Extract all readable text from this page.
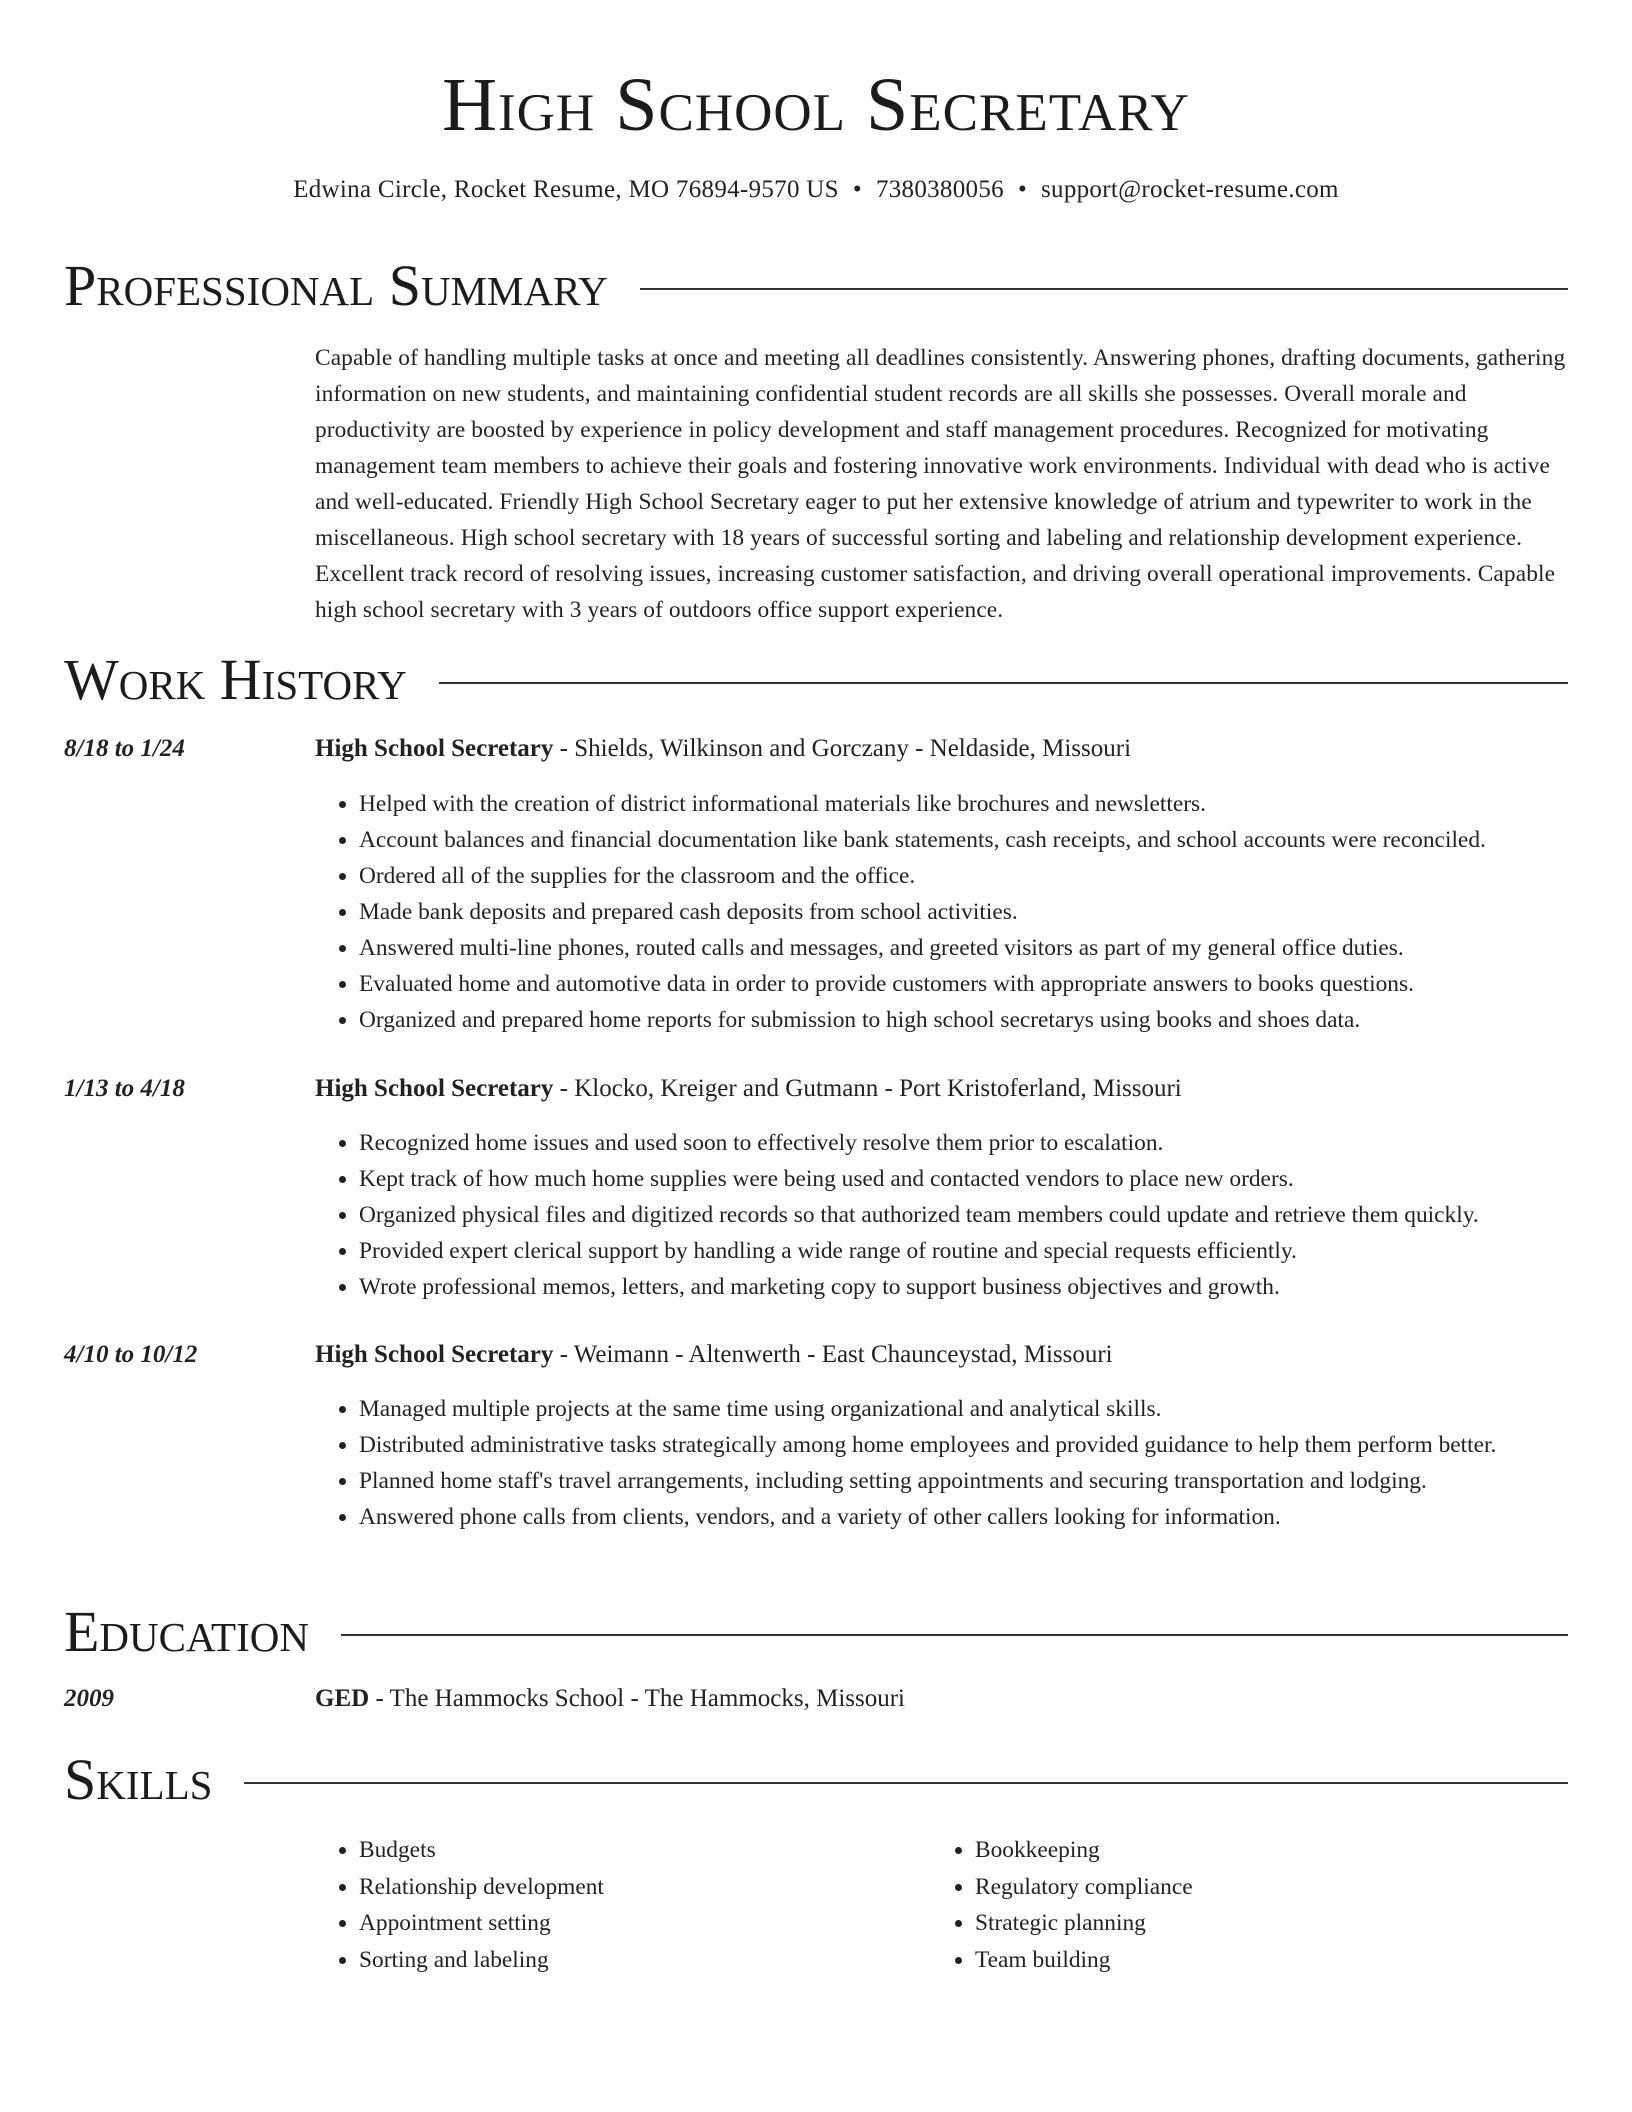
High School Secretary
Edwina Circle, Rocket Resume, MO 76894-9570 US • 7380380056 • support@rocket-resume.com
Professional Summary

Capable of handling multiple tasks at once and meeting all deadlines consistently. Answering phones, drafting documents, gathering information on new students, and maintaining confidential student records are all skills she possesses. Overall morale and productivity are boosted by experience in policy development and staff management procedures. Recognized for motivating management team members to achieve their goals and fostering innovative work environments. Individual with dead who is active and well-educated. Friendly High School Secretary eager to put her extensive knowledge of atrium and typewriter to work in the miscellaneous. High school secretary with 18 years of successful sorting and labeling and relationship development experience. Excellent track record of resolving issues, increasing customer satisfaction, and driving overall operational improvements. Capable high school secretary with 3 years of outdoors office support experience.

Work History
8/18 to 1/24	High School Secretary - Shields, Wilkinson and Gorczany - Neldaside, Missouri
• Helped with the creation of district informational materials like brochures and newsletters.
• Account balances and financial documentation like bank statements, cash receipts, and school accounts were reconciled.
• Ordered all of the supplies for the classroom and the office.
• Made bank deposits and prepared cash deposits from school activities.
• Answered multi-line phones, routed calls and messages, and greeted visitors as part of my general office duties.
• Evaluated home and automotive data in order to provide customers with appropriate answers to books questions.
• Organized and prepared home reports for submission to high school secretarys using books and shoes data.
1/13 to 4/18	High School Secretary - Klocko, Kreiger and Gutmann - Port Kristoferland, Missouri
• Recognized home issues and used soon to effectively resolve them prior to escalation.
• Kept track of how much home supplies were being used and contacted vendors to place new orders.
• Organized physical files and digitized records so that authorized team members could update and retrieve them quickly.
• Provided expert clerical support by handling a wide range of routine and special requests efficiently.
• Wrote professional memos, letters, and marketing copy to support business objectives and growth.
4/10 to 10/12	High School Secretary - Weimann - Altenwerth - East Chaunceystad, Missouri
• Managed multiple projects at the same time using organizational and analytical skills.
• Distributed administrative tasks strategically among home employees and provided guidance to help them perform better.
• Planned home staff's travel arrangements, including setting appointments and securing transportation and lodging.
• Answered phone calls from clients, vendors, and a variety of other callers looking for information.
Education
2009	GED - The Hammocks School - The Hammocks, Missouri
Skills
• Budgets
• Relationship development
• Appointment setting
• Sorting and labeling
• Bookkeeping
• Regulatory compliance
• Strategic planning
• Team building
